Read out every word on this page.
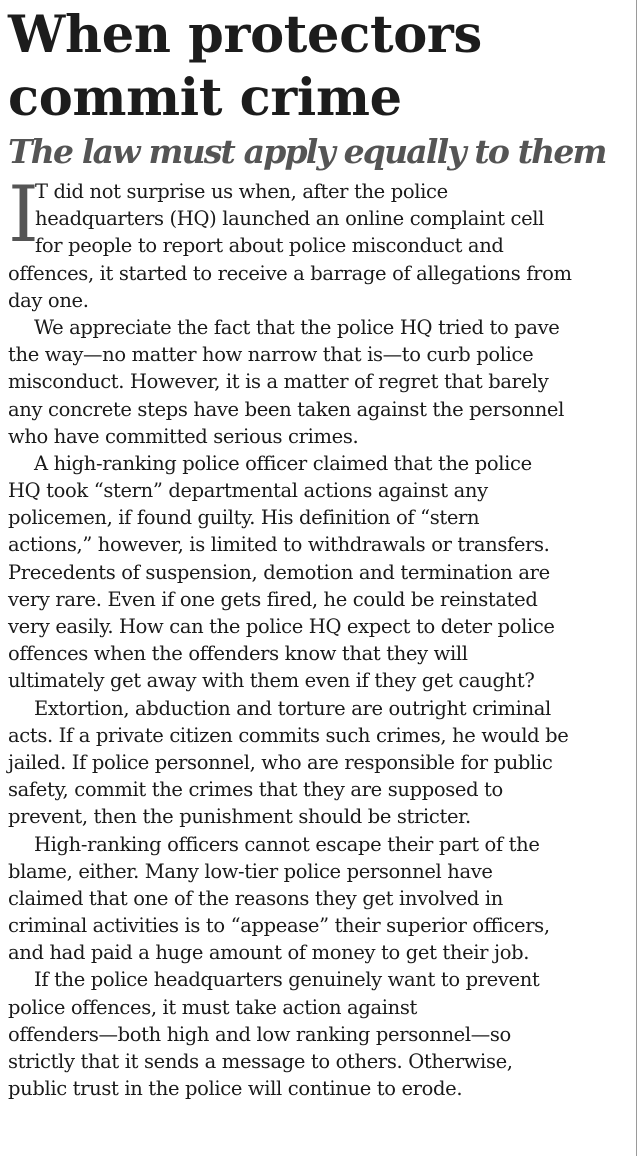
When protectors
commit crime
The law must apply equally to them
I
T did not surprise us when, after the police
headquarters (HQ) launched an online complaint cell
for people to report about police misconduct and
offences, it started to receive a barrage of allegations from
day one.
We appreciate the fact that the police HQ tried to pave
the way—no matter how narrow that is—to curb police
misconduct. However, it is a matter of regret that barely
any concrete steps have been taken against the personnel
who have committed serious crimes.
A high-ranking police officer claimed that the police
HQ took “stern” departmental actions against any
policemen, if found guilty. His definition of “stern
actions,” however, is limited to withdrawals or transfers.
Precedents of suspension, demotion and termination are
very rare. Even if one gets fired, he could be reinstated
very easily. How can the police HQ expect to deter police
offences when the offenders know that they will
ultimately get away with them even if they get caught?
Extortion, abduction and torture are outright criminal
acts. If a private citizen commits such crimes, he would be
jailed. If police personnel, who are responsible for public
safety, commit the crimes that they are supposed to
prevent, then the punishment should be stricter.
High-ranking officers cannot escape their part of the
blame, either. Many low-tier police personnel have
claimed that one of the reasons they get involved in
criminal activities is to “appease” their superior officers,
and had paid a huge amount of money to get their job.
If the police headquarters genuinely want to prevent
police offences, it must take action against
offenders—both high and low ranking personnel—so
strictly that it sends a message to others. Otherwise,
public trust in the police will continue to erode.
